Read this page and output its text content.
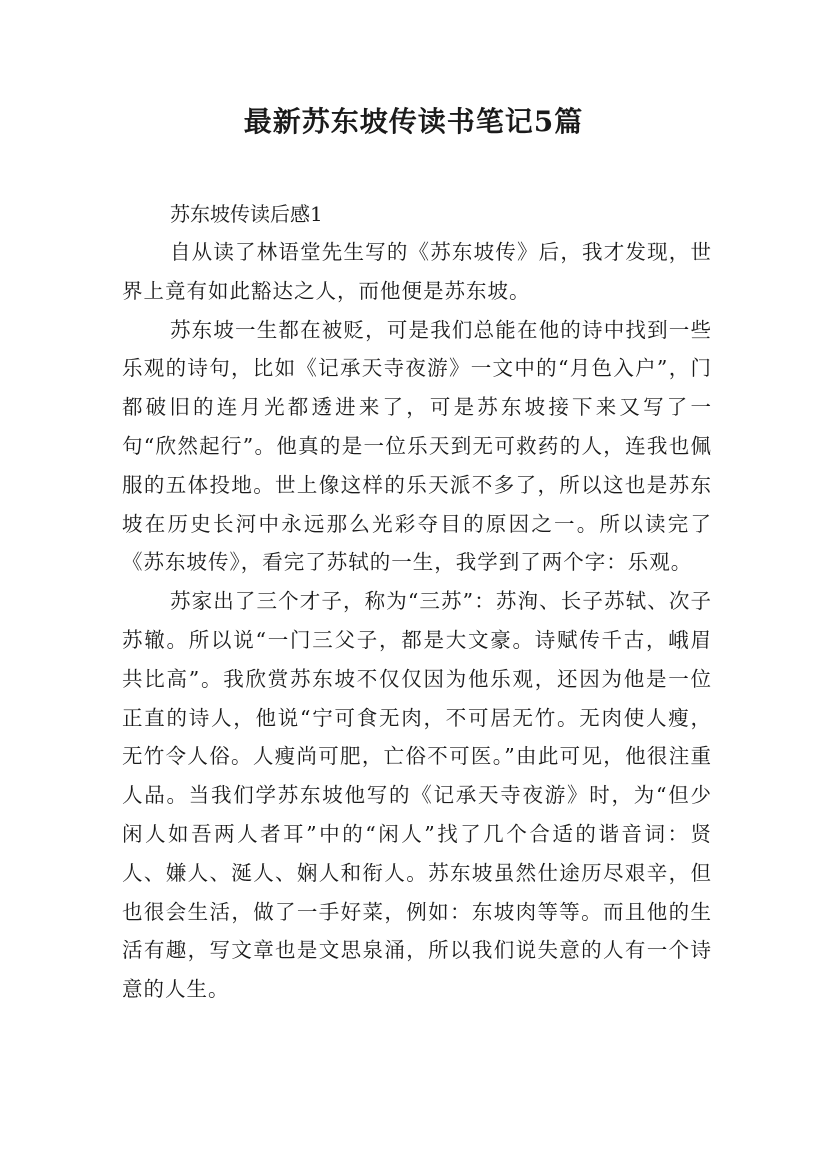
最新苏东坡传读书笔记5篇

苏东坡传读后感1

自从读了林语堂先生写的《苏东坡传》后，我才发现，世界上竟有如此豁达之人，而他便是苏东坡。

苏东坡一生都在被贬，可是我们总能在他的诗中找到一些乐观的诗句，比如《记承天寺夜游》一文中的“月色入户”，门都破旧的连月光都透进来了，可是苏东坡接下来又写了一句“欣然起行”。他真的是一位乐天到无可救药的人，连我也佩服的五体投地。世上像这样的乐天派不多了，所以这也是苏东坡在历史长河中永远那么光彩夺目的原因之一。所以读完了《苏东坡传》，看完了苏轼的一生，我学到了两个字：乐观。

苏家出了三个才子，称为“三苏”：苏洵、长子苏轼、次子苏辙。所以说“一门三父子，都是大文豪。诗赋传千古，峨眉共比高”。我欣赏苏东坡不仅仅因为他乐观，还因为他是一位正直的诗人，他说“宁可食无肉，不可居无竹。无肉使人瘦，无竹令人俗。人瘦尚可肥，亡俗不可医。”由此可见，他很注重人品。当我们学苏东坡他写的《记承天寺夜游》时，为“但少闲人如吾两人者耳”中的“闲人”找了几个合适的谐音词：贤人、嫌人、涎人、娴人和衔人。苏东坡虽然仕途历尽艰辛，但也很会生活，做了一手好菜，例如：东坡肉等等。而且他的生活有趣，写文章也是文思泉涌，所以我们说失意的人有一个诗意的人生。
